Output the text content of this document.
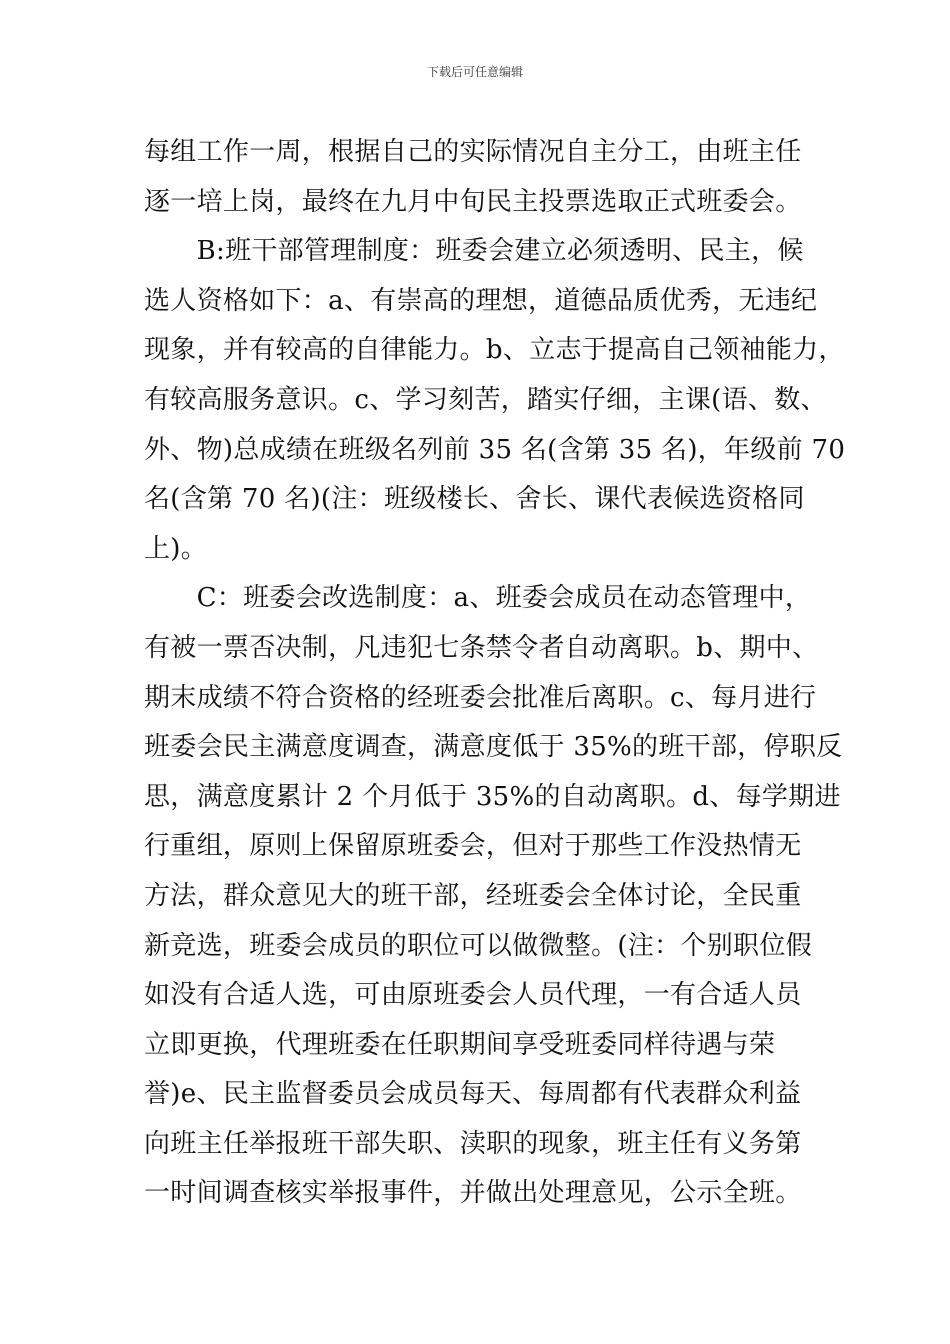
下载后可任意编辑
每组工作一周，根据自己的实际情况自主分工，由班主任
逐一培上岗，最终在九月中旬民主投票选取正式班委会。
　　B:班干部管理制度：班委会建立必须透明、民主，候
选人资格如下：a、有崇高的理想，道德品质优秀，无违纪
现象，并有较高的自律能力。b、立志于提高自己领袖能力，
有较高服务意识。c、学习刻苦，踏实仔细，主课(语、数、
外、物)总成绩在班级名列前 35 名(含第 35 名)，年级前 70
名(含第 70 名)(注：班级楼长、舍长、课代表候选资格同
上)。
　　C：班委会改选制度：a、班委会成员在动态管理中，
有被一票否决制，凡违犯七条禁令者自动离职。b、期中、
期末成绩不符合资格的经班委会批准后离职。c、每月进行
班委会民主满意度调查，满意度低于 35%的班干部，停职反
思，满意度累计 2 个月低于 35%的自动离职。d、每学期进
行重组，原则上保留原班委会，但对于那些工作没热情无
方法，群众意见大的班干部，经班委会全体讨论，全民重
新竞选，班委会成员的职位可以做微整。(注：个别职位假
如没有合适人选，可由原班委会人员代理，一有合适人员
立即更换，代理班委在任职期间享受班委同样待遇与荣
誉)e、民主监督委员会成员每天、每周都有代表群众利益
向班主任举报班干部失职、渎职的现象，班主任有义务第
一时间调查核实举报事件，并做出处理意见，公示全班。
